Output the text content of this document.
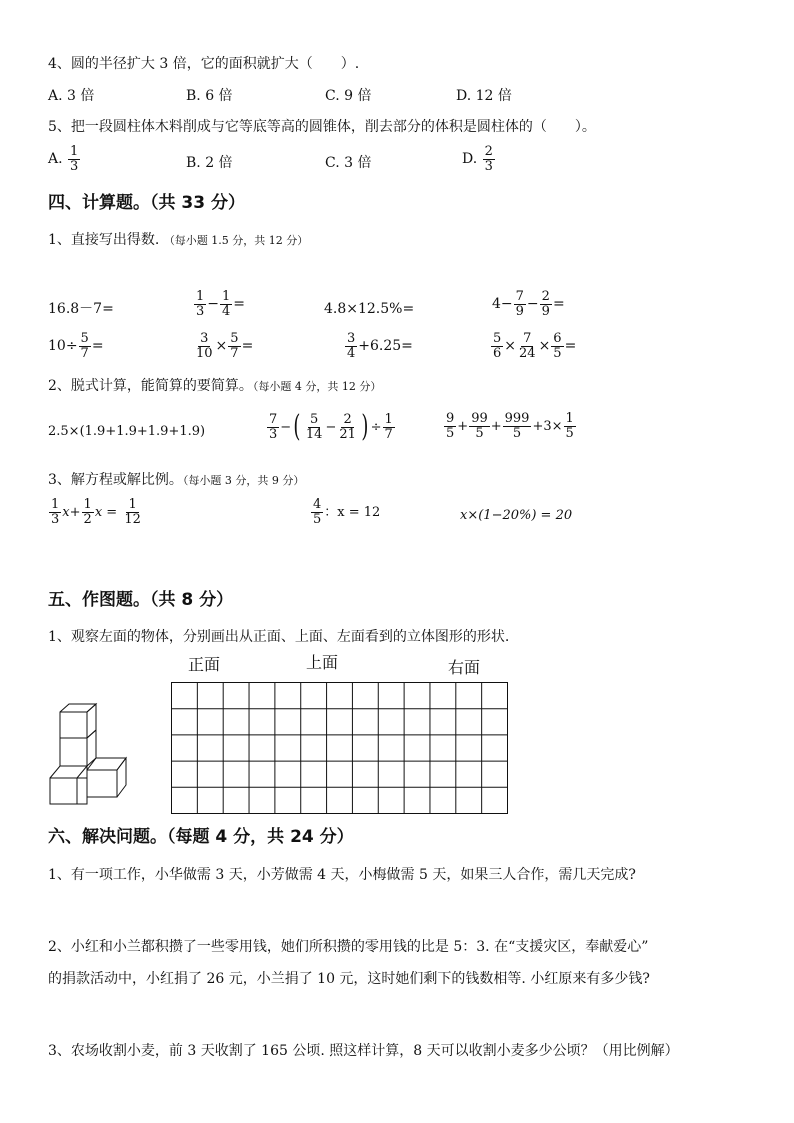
4、圆的半径扩大 3 倍，它的面积就扩大（　　）.
A. 3 倍	B. 6 倍	C. 9 倍	D. 12 倍
5、把一段圆柱体木料削成与它等底等高的圆锥体，削去部分的体积是圆柱体的（　　）。
A.
$\frac{1}{3}$	B. 2 倍	C. 3 倍	D.
$\frac{2}{3}$
四、计算题。（共 33 分）
1、直接写出得数. （每小题 1.5 分，共 12 分）
16.8－7=	$\frac{1}{3} - \frac{1}{4}$ =	4.8×12.5%=	$4- \frac{7}{9} - \frac{2}{9}$ =
$10\div \frac{5}{7}$ =	$\frac{3}{10} \times \frac{5}{7}$ =	$\frac{3}{4} +6.25=$	$\frac{5}{6} \times \frac{7}{24} \times \frac{6}{5}$ =
2、脱式计算，能简算的要简算。（每小题 4 分，共 12 分）
2.5×(1.9+1.9+1.9+1.9)	$\frac{7}{3}$ − ( $\frac{5}{14} - \frac{2}{21}$ ) ÷ $\frac{1}{7}$	$\frac{9}{5} + \frac{99}{5} + \frac{999}{5} +3\times \frac{1}{5}$
3、解方程或解比例。（每小题 3 分，共 9 分）
$\frac{1}{3}$ $x + \frac{1}{2}$ $x = \frac{1}{12}$	$\frac{4}{5}$ ：x = 12	x×(1−20%) = 20
五、作图题。（共 8 分）
1、观察左面的物体，分别画出从正面、上面、左面看到的立体图形的形状.
正面	上面	右面
六、解决问题。（每题 4 分，共 24 分）
1、有一项工作，小华做需 3 天，小芳做需 4 天，小梅做需 5 天，如果三人合作，需几天完成?
2、小红和小兰都积攒了一些零用钱，她们所积攒的零用钱的比是 5：3. 在“支援灾区，奉献爱心”
的捐款活动中，小红捐了 26 元，小兰捐了 10 元，这时她们剩下的钱数相等. 小红原来有多少钱?
3、农场收割小麦，前 3 天收割了 165 公顷. 照这样计算，8 天可以收割小麦多少公顷？（用比例解）
